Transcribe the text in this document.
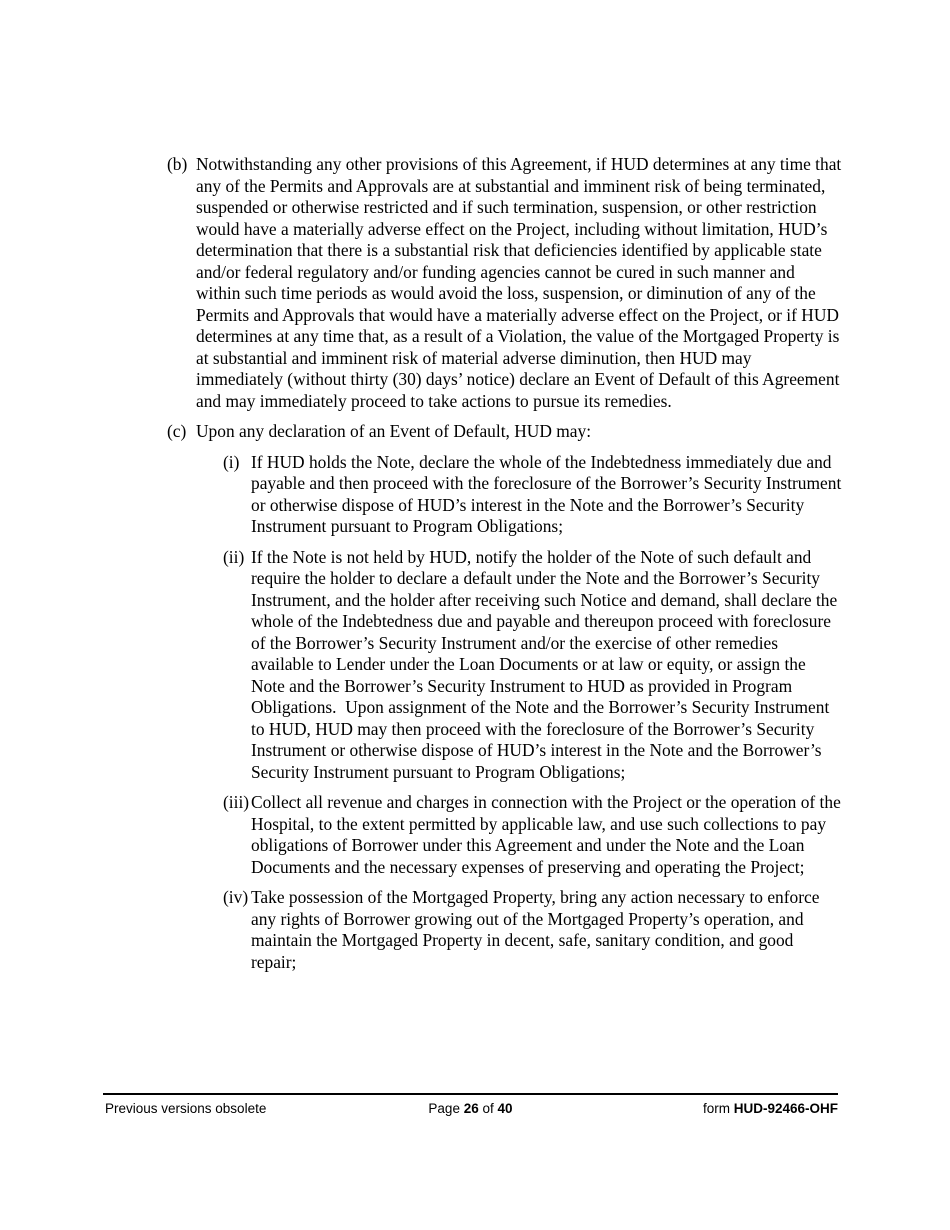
(b) Notwithstanding any other provisions of this Agreement, if HUD determines at any time that any of the Permits and Approvals are at substantial and imminent risk of being terminated, suspended or otherwise restricted and if such termination, suspension, or other restriction would have a materially adverse effect on the Project, including without limitation, HUD’s determination that there is a substantial risk that deficiencies identified by applicable state and/or federal regulatory and/or funding agencies cannot be cured in such manner and within such time periods as would avoid the loss, suspension, or diminution of any of the Permits and Approvals that would have a materially adverse effect on the Project, or if HUD determines at any time that, as a result of a Violation, the value of the Mortgaged Property is at substantial and imminent risk of material adverse diminution, then HUD may immediately (without thirty (30) days’ notice) declare an Event of Default of this Agreement and may immediately proceed to take actions to pursue its remedies.
(c) Upon any declaration of an Event of Default, HUD may:
(i) If HUD holds the Note, declare the whole of the Indebtedness immediately due and payable and then proceed with the foreclosure of the Borrower’s Security Instrument or otherwise dispose of HUD’s interest in the Note and the Borrower’s Security Instrument pursuant to Program Obligations;
(ii) If the Note is not held by HUD, notify the holder of the Note of such default and require the holder to declare a default under the Note and the Borrower’s Security Instrument, and the holder after receiving such Notice and demand, shall declare the whole of the Indebtedness due and payable and thereupon proceed with foreclosure of the Borrower’s Security Instrument and/or the exercise of other remedies available to Lender under the Loan Documents or at law or equity, or assign the Note and the Borrower’s Security Instrument to HUD as provided in Program Obligations.  Upon assignment of the Note and the Borrower’s Security Instrument to HUD, HUD may then proceed with the foreclosure of the Borrower’s Security Instrument or otherwise dispose of HUD’s interest in the Note and the Borrower’s Security Instrument pursuant to Program Obligations;
(iii) Collect all revenue and charges in connection with the Project or the operation of the Hospital, to the extent permitted by applicable law, and use such collections to pay obligations of Borrower under this Agreement and under the Note and the Loan Documents and the necessary expenses of preserving and operating the Project;
(iv) Take possession of the Mortgaged Property, bring any action necessary to enforce any rights of Borrower growing out of the Mortgaged Property’s operation, and maintain the Mortgaged Property in decent, safe, sanitary condition, and good repair;
Previous versions obsolete	Page 26 of 40	form HUD-92466-OHF
